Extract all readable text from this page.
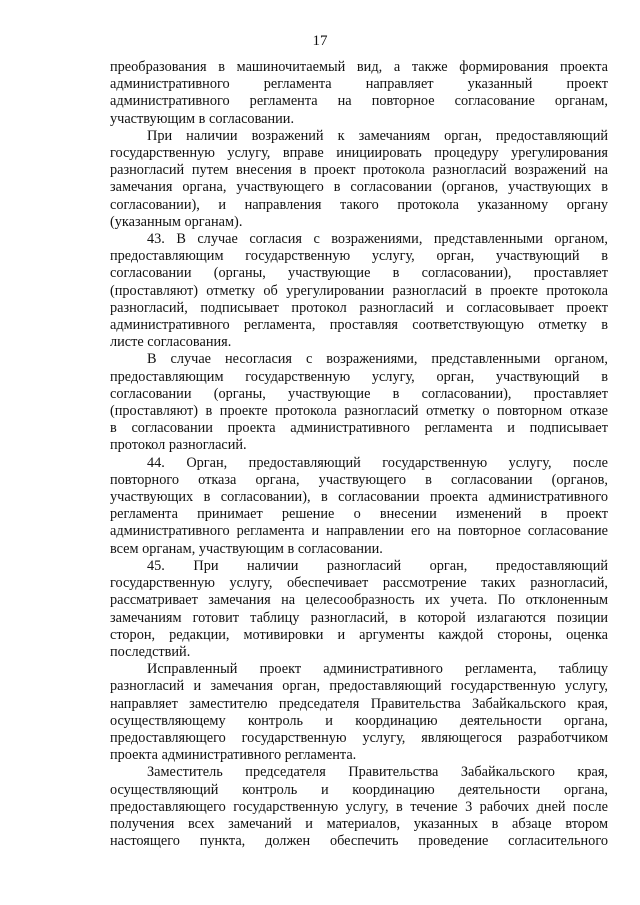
17

преобразования в машиночитаемый вид, а также формирования проекта
административного регламента направляет указанный проект
административного регламента на повторное согласование органам,
участвующим в согласовании.

При наличии возражений к замечаниям орган, предоставляющий
государственную услугу, вправе инициировать процедуру урегулирования
разногласий путем внесения в проект протокола разногласий возражений на
замечания органа, участвующего в согласовании (органов, участвующих в
согласовании), и направления такого протокола указанному органу
(указанным органам).

43. В случае согласия с возражениями, представленными органом,
предоставляющим государственную услугу, орган, участвующий в
согласовании (органы, участвующие в согласовании), проставляет
(проставляют) отметку об урегулировании разногласий в проекте протокола
разногласий, подписывает протокол разногласий и согласовывает проект
административного регламента, проставляя соответствующую отметку в
листе согласования.

В случае несогласия с возражениями, представленными органом,
предоставляющим государственную услугу, орган, участвующий в
согласовании (органы, участвующие в согласовании), проставляет
(проставляют) в проекте протокола разногласий отметку о повторном отказе
в согласовании проекта административного регламента и подписывает
протокол разногласий.

44. Орган, предоставляющий государственную услугу, после
повторного отказа органа, участвующего в согласовании (органов,
участвующих в согласовании), в согласовании проекта административного
регламента принимает решение о внесении изменений в проект
административного регламента и направлении его на повторное согласование
всем органам, участвующим в согласовании.

45. При наличии разногласий орган, предоставляющий
государственную услугу, обеспечивает рассмотрение таких разногласий,
рассматривает замечания на целесообразность их учета. По отклоненным
замечаниям готовит таблицу разногласий, в которой излагаются позиции
сторон, редакции, мотивировки и аргументы каждой стороны, оценка
последствий.

Исправленный проект административного регламента, таблицу
разногласий и замечания орган, предоставляющий государственную услугу,
направляет заместителю председателя Правительства Забайкальского края,
осуществляющему контроль и координацию деятельности органа,
предоставляющего государственную услугу, являющегося разработчиком
проекта административного регламента.

Заместитель председателя Правительства Забайкальского края,
осуществляющий контроль и координацию деятельности органа,
предоставляющего государственную услугу, в течение 3 рабочих дней после
получения всех замечаний и материалов, указанных в абзаце втором
настоящего пункта, должен обеспечить проведение согласительного
